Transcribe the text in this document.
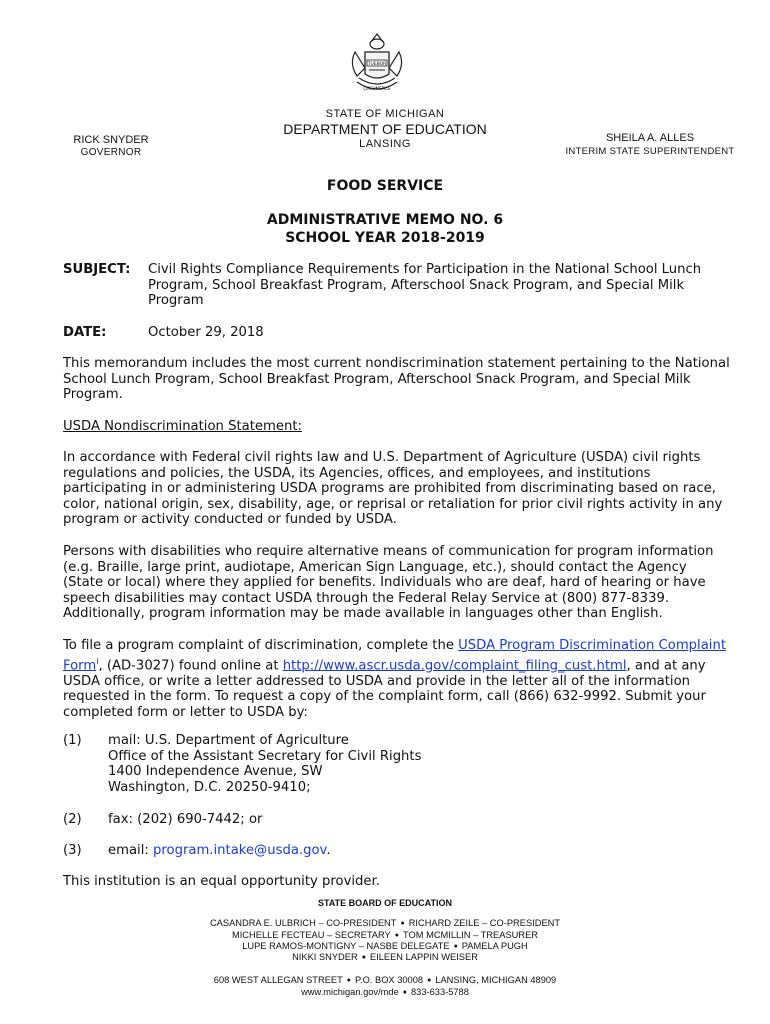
TUEBOR
CIRCUMSPICE
STATE OF MICHIGAN
DEPARTMENT OF EDUCATION
LANSING
RICK SNYDER
GOVERNOR
SHEILA A. ALLES
INTERIM STATE SUPERINTENDENT
FOOD SERVICE
ADMINISTRATIVE MEMO NO. 6
SCHOOL YEAR 2018-2019
SUBJECT: Civil Rights Compliance Requirements for Participation in the National School Lunch
Program, School Breakfast Program, Afterschool Snack Program, and Special Milk
Program
DATE:	October 29, 2018
This memorandum includes the most current nondiscrimination statement pertaining to the National
School Lunch Program, School Breakfast Program, Afterschool Snack Program, and Special Milk
Program.
USDA Nondiscrimination Statement:
In accordance with Federal civil rights law and U.S. Department of Agriculture (USDA) civil rights
regulations and policies, the USDA, its Agencies, offices, and employees, and institutions
participating in or administering USDA programs are prohibited from discriminating based on race,
color, national origin, sex, disability, age, or reprisal or retaliation for prior civil rights activity in any
program or activity conducted or funded by USDA.
Persons with disabilities who require alternative means of communication for program information
(e.g. Braille, large print, audiotape, American Sign Language, etc.), should contact the Agency
(State or local) where they applied for benefits. Individuals who are deaf, hard of hearing or have
speech disabilities may contact USDA through the Federal Relay Service at (800) 877-8339.
Additionally, program information may be made available in languages other than English.
To file a program complaint of discrimination, complete the USDA Program Discrimination Complaint
Form$^i$, (AD-3027) found online at http://www.ascr.usda.gov/complaint_filing_cust.html, and at any
USDA office, or write a letter addressed to USDA and provide in the letter all of the information
requested in the form. To request a copy of the complaint form, call (866) 632-9992. Submit your
completed form or letter to USDA by:
(1) mail: U.S. Department of Agriculture
Office of the Assistant Secretary for Civil Rights
1400 Independence Avenue, SW
Washington, D.C. 20250-9410;
(2) fax: (202) 690-7442; or
(3) email: program.intake@usda.gov.
This institution is an equal opportunity provider.
STATE BOARD OF EDUCATION
CASANDRA E. ULBRICH – CO-PRESIDENT ● RICHARD ZEILE – CO-PRESIDENT
MICHELLE FECTEAU – SECRETARY ● TOM MCMILLIN – TREASURER
LUPE RAMOS-MONTIGNY – NASBE DELEGATE ● PAMELA PUGH
NIKKI SNYDER ● EILEEN LAPPIN WEISER
608 WEST ALLEGAN STREET ● P.O. BOX 30008 ● LANSING, MICHIGAN 48909
www.michigan.gov/mde ● 833-633-5788
